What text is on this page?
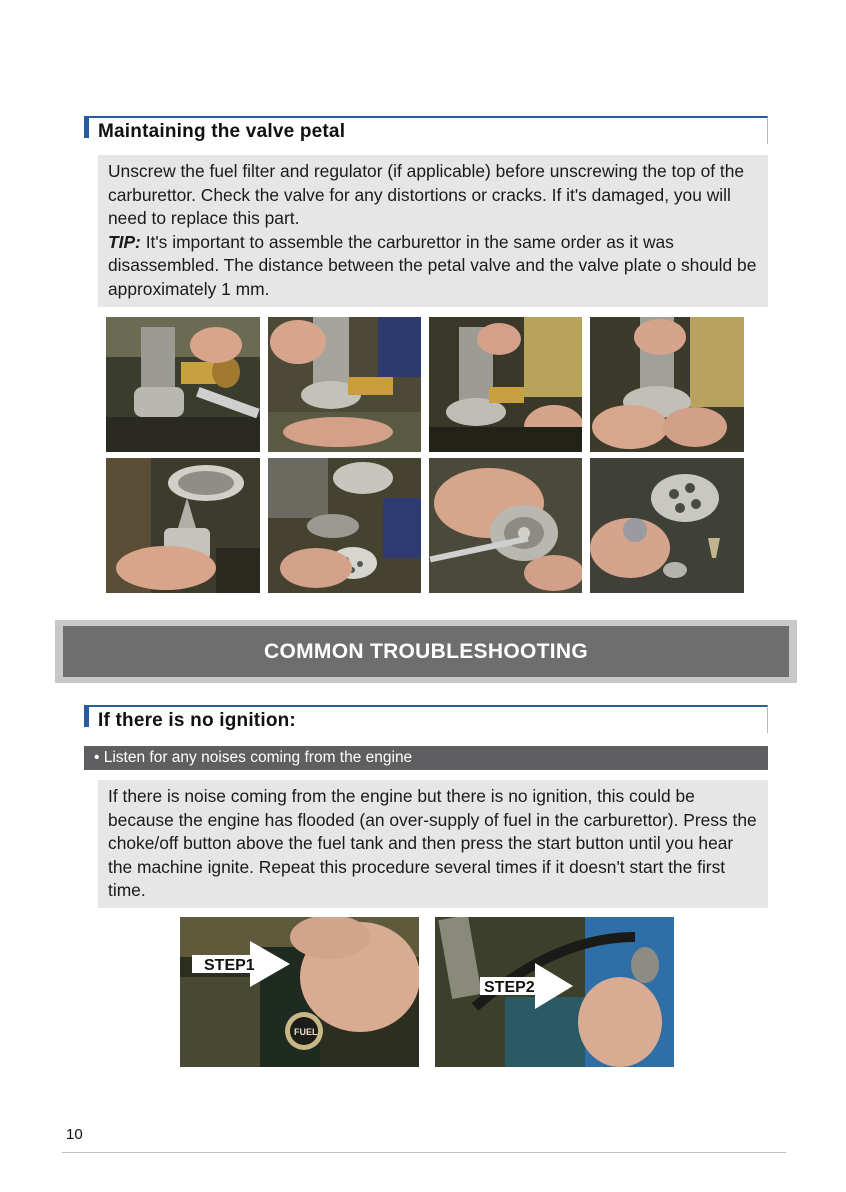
Maintaining the valve petal

Unscrew the fuel filter and regulator (if applicable) before unscrewing the top of the carburettor. Check the valve for any distortions or cracks. If it's damaged, you will need to replace this part.

TIP: It's important to assemble the carburettor in the same order as it was disassembled. The distance between the petal valve and the valve plate o should be approximately 1 mm.

COMMON TROUBLESHOOTING
If there is no ignition:
• Listen for any noises coming from the engine

If there is noise coming from the engine but there is no ignition, this could be because the engine has flooded (an over-supply of fuel in the carburettor). Press the choke/off button above the fuel tank and then press the start button until you hear the machine ignite. Repeat this procedure several times if it doesn't start the first time.

STEP1
FUEL
STEP2
10
